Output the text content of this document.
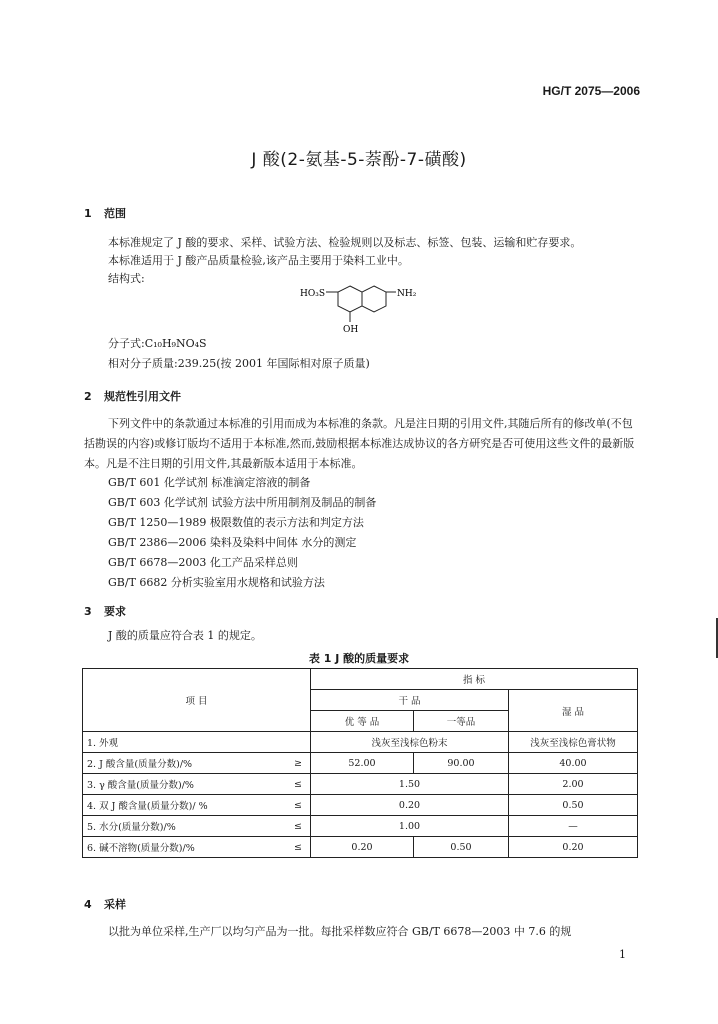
HG/T 2075—2006
J 酸(2-氨基-5-萘酚-7-磺酸)
1 范围
本标准规定了 J 酸的要求、采样、试验方法、检验规则以及标志、标签、包装、运输和贮存要求。
本标准适用于 J 酸产品质量检验,该产品主要用于染料工业中。
结构式:
HO₃S	NH₂
OH
分子式:C₁₀H₉NO₄S
相对分子质量:239.25(按 2001 年国际相对原子质量)
2 规范性引用文件
下列文件中的条款通过本标准的引用而成为本标准的条款。凡是注日期的引用文件,其随后所有的修改单(不包括勘误的内容)或修订版均不适用于本标准,然而,鼓励根据本标准达成协议的各方研究是否可使用这些文件的最新版本。凡是不注日期的引用文件,其最新版本适用于本标准。
GB/T 601 化学试剂 标准滴定溶液的制备
GB/T 603 化学试剂 试验方法中所用制剂及制品的制备
GB/T 1250—1989 极限数值的表示方法和判定方法
GB/T 2386—2006 染料及染料中间体 水分的测定
GB/T 6678—2003 化工产品采样总则
GB/T 6682 分析实验室用水规格和试验方法
3 要求
J 酸的质量应符合表 1 的规定。
表 1 J 酸的质量要求
项 目		指 标		
		干 品		湿 品
		优 等 品	一等品	
1. 外观		浅灰至浅棕色粉末		浅灰至浅棕色膏状物
2. J 酸含量(质量分数)/%	≥	52.00	90.00	40.00
3. γ 酸含量(质量分数)/%	≤	1.50		2.00
4. 双 J 酸含量(质量分数)/ %	≤	0.20		0.50
5. 水分(质量分数)/%	≤	1.00		—
6. 碱不溶物(质量分数)/%	≤	0.20	0.50	0.20
4 采样
以批为单位采样,生产厂以均匀产品为一批。每批采样数应符合 GB/T 6678—2003 中 7.6 的规
1
